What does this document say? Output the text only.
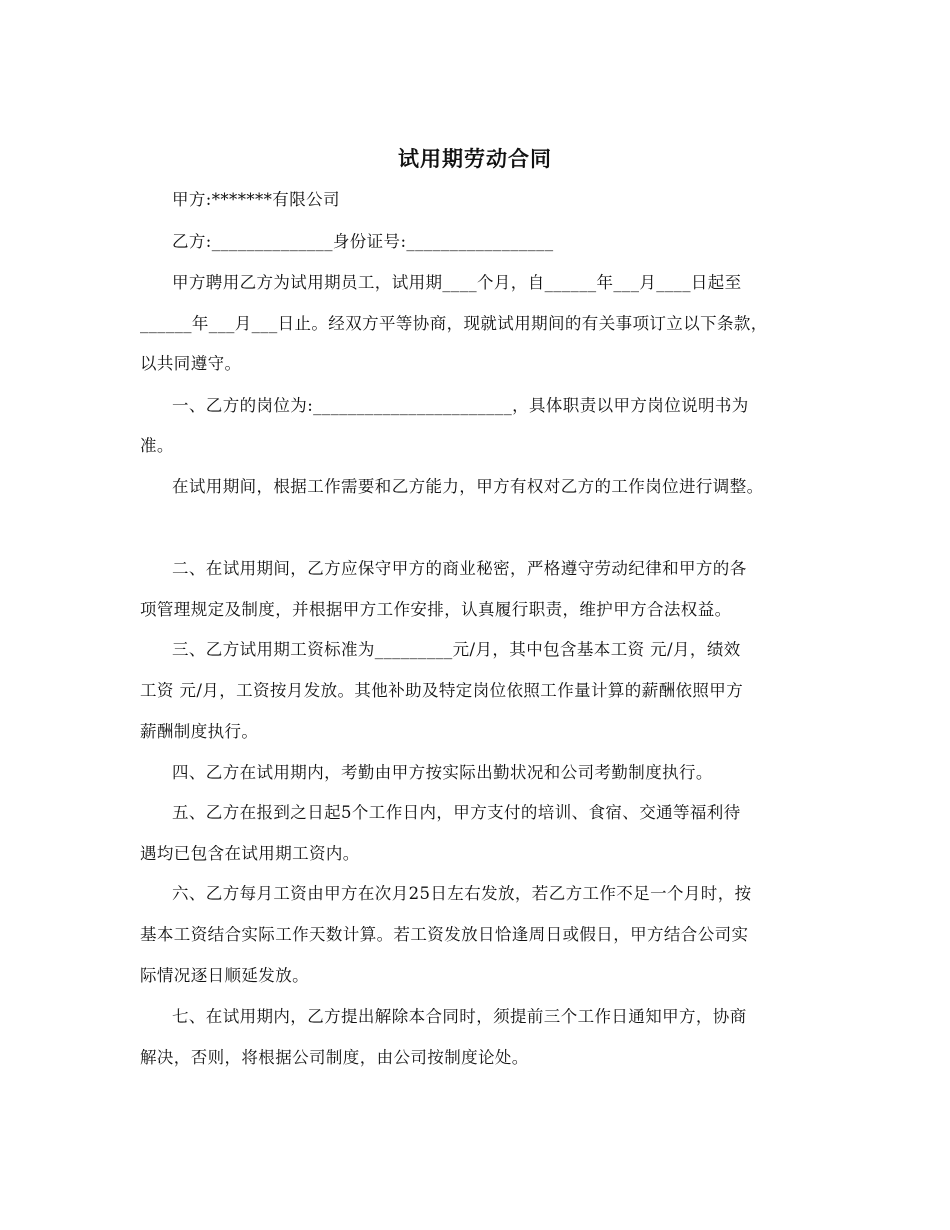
试用期劳动合同
甲方:*******有限公司
乙方:______________身份证号:_________________
甲方聘用乙方为试用期员工，试用期____个月，自______年___月____日起至
______年___月___日止。经双方平等协商，现就试用期间的有关事项订立以下条款，
以共同遵守。
一、乙方的岗位为:_______________________，具体职责以甲方岗位说明书为
准。
在试用期间，根据工作需要和乙方能力，甲方有权对乙方的工作岗位进行调整。
二、在试用期间，乙方应保守甲方的商业秘密，严格遵守劳动纪律和甲方的各
项管理规定及制度，并根据甲方工作安排，认真履行职责，维护甲方合法权益。
三、乙方试用期工资标准为_________元/月，其中包含基本工资 元/月，绩效
工资 元/月，工资按月发放。其他补助及特定岗位依照工作量计算的薪酬依照甲方
薪酬制度执行。
四、乙方在试用期内，考勤由甲方按实际出勤状况和公司考勤制度执行。
五、乙方在报到之日起5个工作日内，甲方支付的培训、食宿、交通等福利待
遇均已包含在试用期工资内。
六、乙方每月工资由甲方在次月25日左右发放，若乙方工作不足一个月时，按
基本工资结合实际工作天数计算。若工资发放日恰逢周日或假日，甲方结合公司实
际情况逐日顺延发放。
七、在试用期内，乙方提出解除本合同时，须提前三个工作日通知甲方，协商
解决，否则，将根据公司制度，由公司按制度论处。
